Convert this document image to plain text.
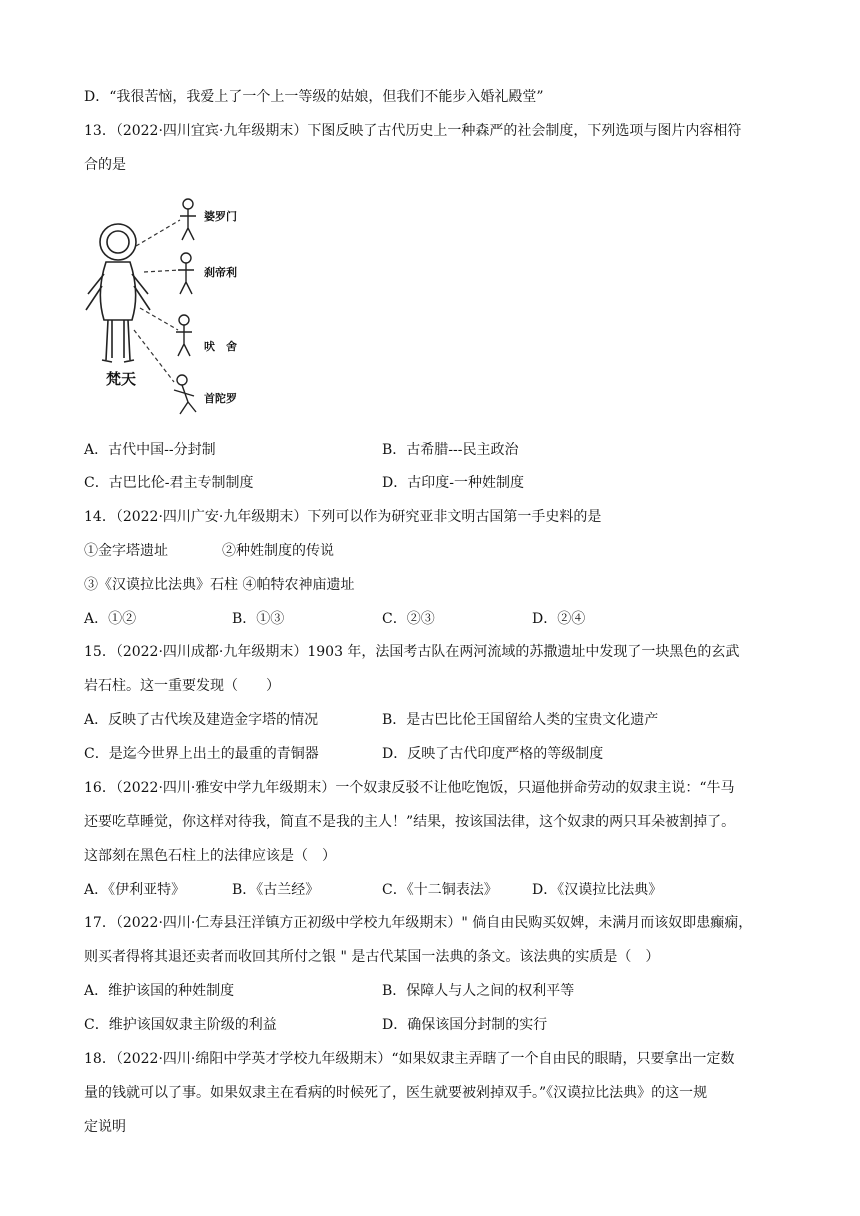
D．“我很苦恼，我爱上了一个上一等级的姑娘，但我们不能步入婚礼殿堂”
13．（2022·四川宜宾·九年级期末）下图反映了古代历史上一种森严的社会制度，下列选项与图片内容相符
合的是
梵天
婆罗门
刹帝利
吠　舍
首陀罗
A．古代中国--分封制	B．古希腊---民主政治
C．古巴比伦-君主专制制度	D．古印度-一种姓制度
14．（2022·四川广安·九年级期末）下列可以作为研究亚非文明古国第一手史料的是
①金字塔遗址	②种姓制度的传说
③《汉谟拉比法典》石柱 ④帕特农神庙遗址
A．①②	B．①③	C．②③	D．②④
15．（2022·四川成都·九年级期末）1903 年，法国考古队在两河流域的苏撒遗址中发现了一块黑色的玄武
岩石柱。这一重要发现（　　）
A．反映了古代埃及建造金字塔的情况	B．是古巴比伦王国留给人类的宝贵文化遗产
C．是迄今世界上出土的最重的青铜器	D．反映了古代印度严格的等级制度
16．（2022·四川·雅安中学九年级期末）一个奴隶反驳不让他吃饱饭，只逼他拼命劳动的奴隶主说：“牛马
还要吃草睡觉，你这样对待我，简直不是我的主人！”结果，按该国法律，这个奴隶的两只耳朵被割掉了。
这部刻在黑色石柱上的法律应该是（　）
A．《伊利亚特》	B．《古兰经》	C．《十二铜表法》 D．《汉谟拉比法典》
17．（2022·四川·仁寿县汪洋镇方正初级中学校九年级期末）" 倘自由民购买奴婢，未满月而该奴即患癫痫，
则买者得将其退还卖者而收回其所付之银 " 是古代某国一法典的条文。该法典的实质是（　）
A．维护该国的种姓制度	B．保障人与人之间的权利平等
C．维护该国奴隶主阶级的利益	D．确保该国分封制的实行
18．（2022·四川·绵阳中学英才学校九年级期末）“如果奴隶主弄瞎了一个自由民的眼睛，只要拿出一定数
量的钱就可以了事。如果奴隶主在看病的时候死了，医生就要被剁掉双手。”《汉谟拉比法典》的这一规
定说明
